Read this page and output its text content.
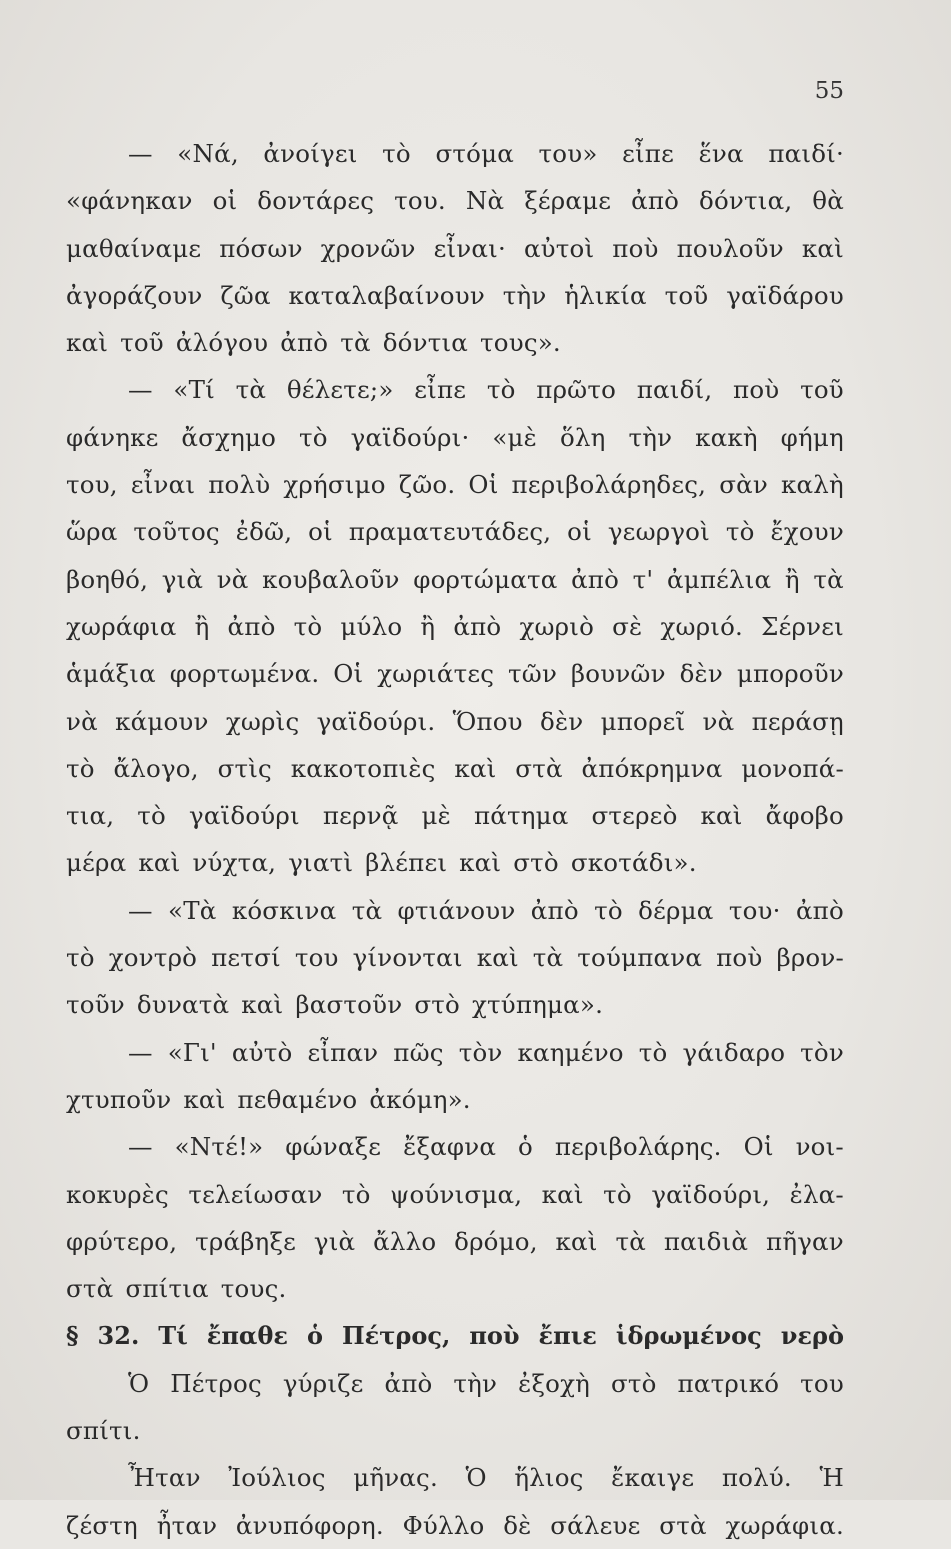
55
— «Νά, ἀνοίγει τὸ στόμα του» εἶπε ἕνα παιδί·
«φάνηκαν οἱ δοντάρες του. Νὰ ξέραμε ἀπὸ δόντια, θὰ
μαθαίναμε πόσων χρονῶν εἶναι· αὐτοὶ ποὺ πουλοῦν καὶ
ἀγοράζουν ζῶα καταλαβαίνουν τὴν ἡλικία τοῦ γαϊδάρου
καὶ τοῦ ἀλόγου ἀπὸ τὰ δόντια τους».
— «Τί τὰ θέλετε;» εἶπε τὸ πρῶτο παιδί, ποὺ τοῦ
φάνηκε ἄσχημο τὸ γαϊδούρι· «μὲ ὅλη τὴν κακὴ φήμη
του, εἶναι πολὺ χρήσιμο ζῶο. Οἱ περιβολάρηδες, σὰν καλὴ
ὥρα τοῦτος ἐδῶ, οἱ πραματευτάδες, οἱ γεωργοὶ τὸ ἔχουν
βοηθό, γιὰ νὰ κουβαλοῦν φορτώματα ἀπὸ τ' ἀμπέλια ἢ τὰ
χωράφια ἢ ἀπὸ τὸ μύλο ἢ ἀπὸ χωριὸ σὲ χωριό. Σέρνει
ἁμάξια φορτωμένα. Οἱ χωριάτες τῶν βουνῶν δὲν μποροῦν
νὰ κάμουν χωρὶς γαϊδούρι. Ὅπου δὲν μπορεῖ νὰ περάσῃ
τὸ ἄλογο, στὶς κακοτοπιὲς καὶ στὰ ἀπόκρημνα μονοπά-
τια, τὸ γαϊδούρι περνᾷ μὲ πάτημα στερεὸ καὶ ἄφοβο
μέρα καὶ νύχτα, γιατὶ βλέπει καὶ στὸ σκοτάδι».
— «Τὰ κόσκινα τὰ φτιάνουν ἀπὸ τὸ δέρμα του· ἀπὸ
τὸ χοντρὸ πετσί του γίνονται καὶ τὰ τούμπανα ποὺ βρον-
τοῦν δυνατὰ καὶ βαστοῦν στὸ χτύπημα».
— «Γι' αὐτὸ εἶπαν πῶς τὸν καημένο τὸ γάιδαρο τὸν
χτυποῦν καὶ πεθαμένο ἀκόμη».
— «Ντέ!» φώναξε ἔξαφνα ὁ περιβολάρης. Οἱ νοι-
κοκυρὲς τελείωσαν τὸ ψούνισμα, καὶ τὸ γαϊδούρι, ἐλα-
φρύτερο, τράβηξε γιὰ ἄλλο δρόμο, καὶ τὰ παιδιὰ πῆγαν
στὰ σπίτια τους.
§ 32. Τί ἔπαθε ὁ Πέτρος, ποὺ ἔπιε ἱδρωμένος νερὸ
Ὁ Πέτρος γύριζε ἀπὸ τὴν ἐξοχὴ στὸ πατρικό του
σπίτι.
Ἦταν Ἰούλιος μῆνας. Ὁ ἥλιος ἔκαιγε πολύ. Ἡ
ζέστη ἦταν ἀνυπόφορη. Φύλλο δὲ σάλευε στὰ χωράφια.
